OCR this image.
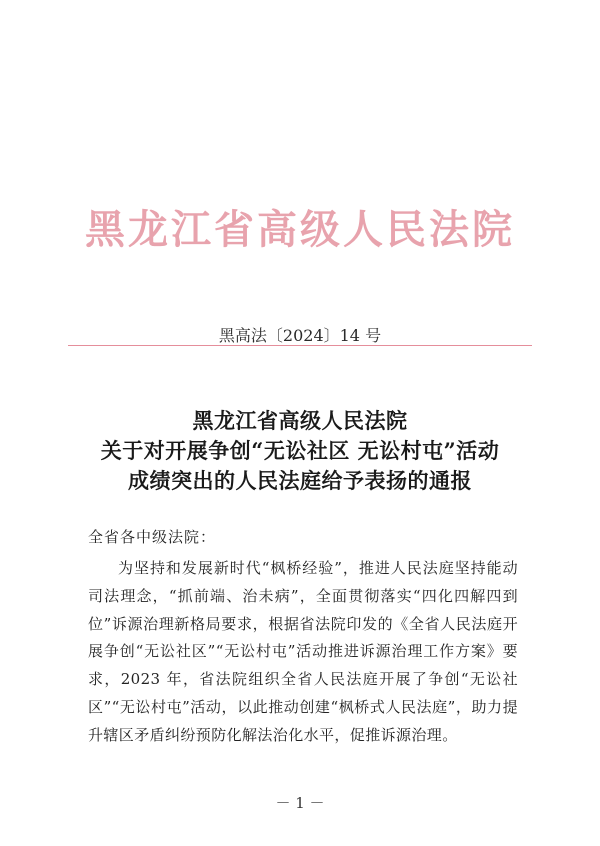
黑龙江省高级人民法院
黑高法〔2024〕14 号
黑龙江省高级人民法院
关于对开展争创“无讼社区 无讼村屯”活动
成绩突出的人民法庭给予表扬的通报
全省各中级法院：

为坚持和发展新时代“枫桥经验”，推进人民法庭坚持能动司法理念，“抓前端、治未病”，全面贯彻落实“四化四解四到位”诉源治理新格局要求，根据省法院印发的《全省人民法庭开展争创“无讼社区”“无讼村屯”活动推进诉源治理工作方案》要求，2023 年，省法院组织全省人民法庭开展了争创“无讼社区”“无讼村屯”活动，以此推动创建“枫桥式人民法庭”，助力提升辖区矛盾纠纷预防化解法治化水平，促推诉源治理。

－ 1 －
